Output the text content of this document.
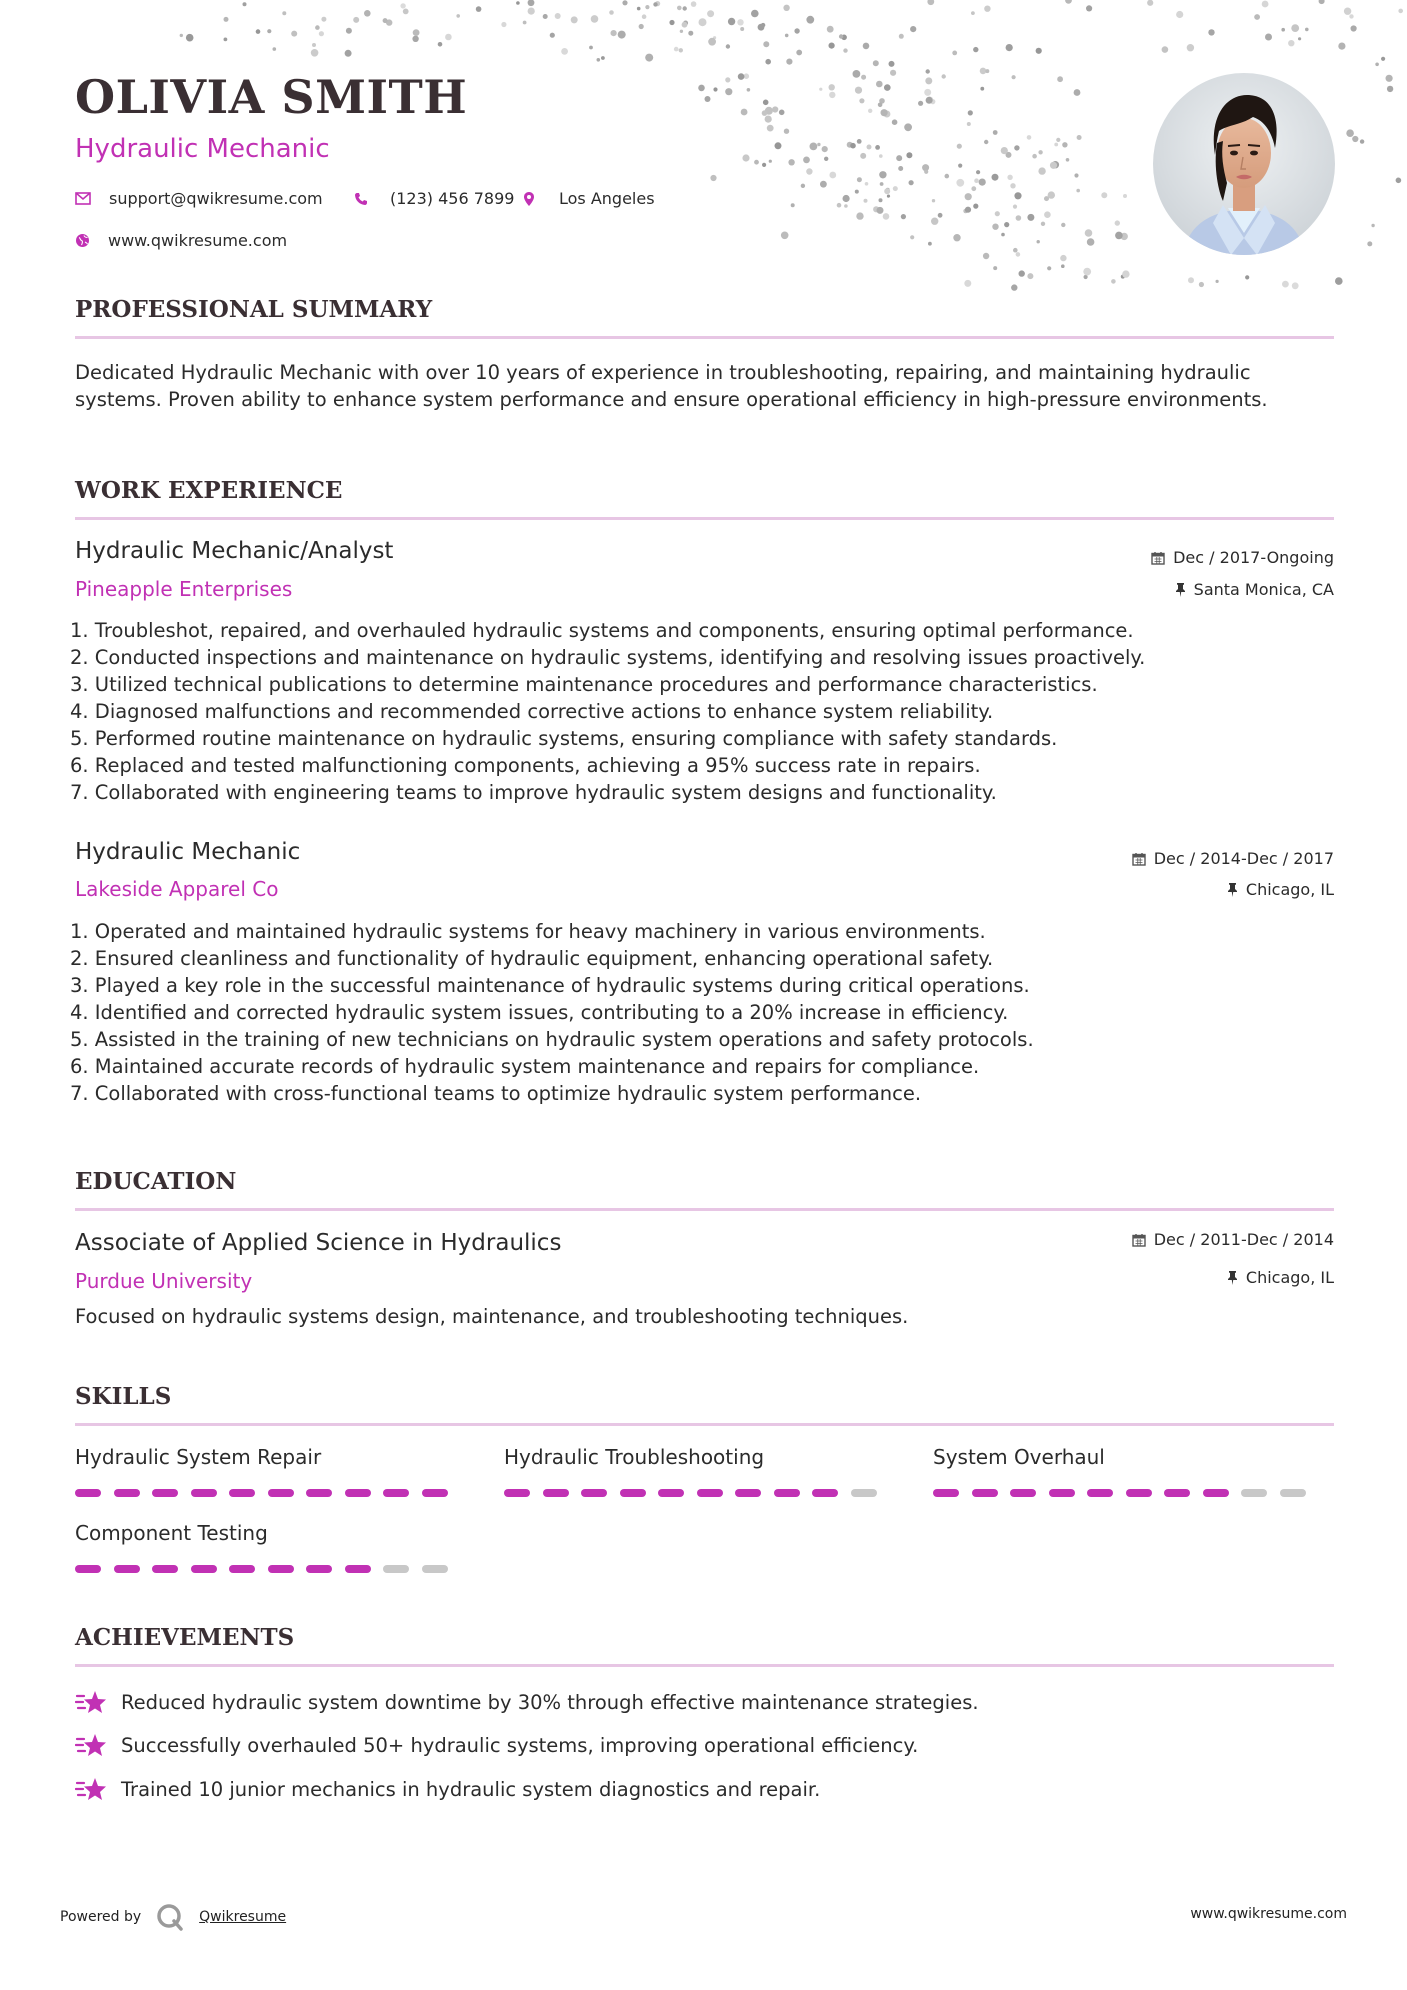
OLIVIA SMITH
Hydraulic Mechanic
support@qwikresume.com	(123) 456 7899	Los Angeles
www.qwikresume.com
PROFESSIONAL SUMMARY
Dedicated Hydraulic Mechanic with over 10 years of experience in troubleshooting, repairing, and maintaining hydraulic systems. Proven ability to enhance system performance and ensure operational efficiency in high-pressure environments.
WORK EXPERIENCE
Hydraulic Mechanic/Analyst
Pineapple Enterprises
Dec / 2017-Ongoing
Santa Monica, CA
1. Troubleshot, repaired, and overhauled hydraulic systems and components, ensuring optimal performance.
2. Conducted inspections and maintenance on hydraulic systems, identifying and resolving issues proactively.
3. Utilized technical publications to determine maintenance procedures and performance characteristics.
4. Diagnosed malfunctions and recommended corrective actions to enhance system reliability.
5. Performed routine maintenance on hydraulic systems, ensuring compliance with safety standards.
6. Replaced and tested malfunctioning components, achieving a 95% success rate in repairs.
7. Collaborated with engineering teams to improve hydraulic system designs and functionality.
Hydraulic Mechanic
Lakeside Apparel Co
Dec / 2014-Dec / 2017
Chicago, IL
1. Operated and maintained hydraulic systems for heavy machinery in various environments.
2. Ensured cleanliness and functionality of hydraulic equipment, enhancing operational safety.
3. Played a key role in the successful maintenance of hydraulic systems during critical operations.
4. Identified and corrected hydraulic system issues, contributing to a 20% increase in efficiency.
5. Assisted in the training of new technicians on hydraulic system operations and safety protocols.
6. Maintained accurate records of hydraulic system maintenance and repairs for compliance.
7. Collaborated with cross-functional teams to optimize hydraulic system performance.
EDUCATION
Associate of Applied Science in Hydraulics
Purdue University
Dec / 2011-Dec / 2014
Chicago, IL
Focused on hydraulic systems design, maintenance, and troubleshooting techniques.
SKILLS
Hydraulic System Repair	Hydraulic Troubleshooting	System Overhaul
Component Testing
ACHIEVEMENTS
Reduced hydraulic system downtime by 30% through effective maintenance strategies.
Successfully overhauled 50+ hydraulic systems, improving operational efficiency.
Trained 10 junior mechanics in hydraulic system diagnostics and repair.
Powered by	Qwikresume	www.qwikresume.com
